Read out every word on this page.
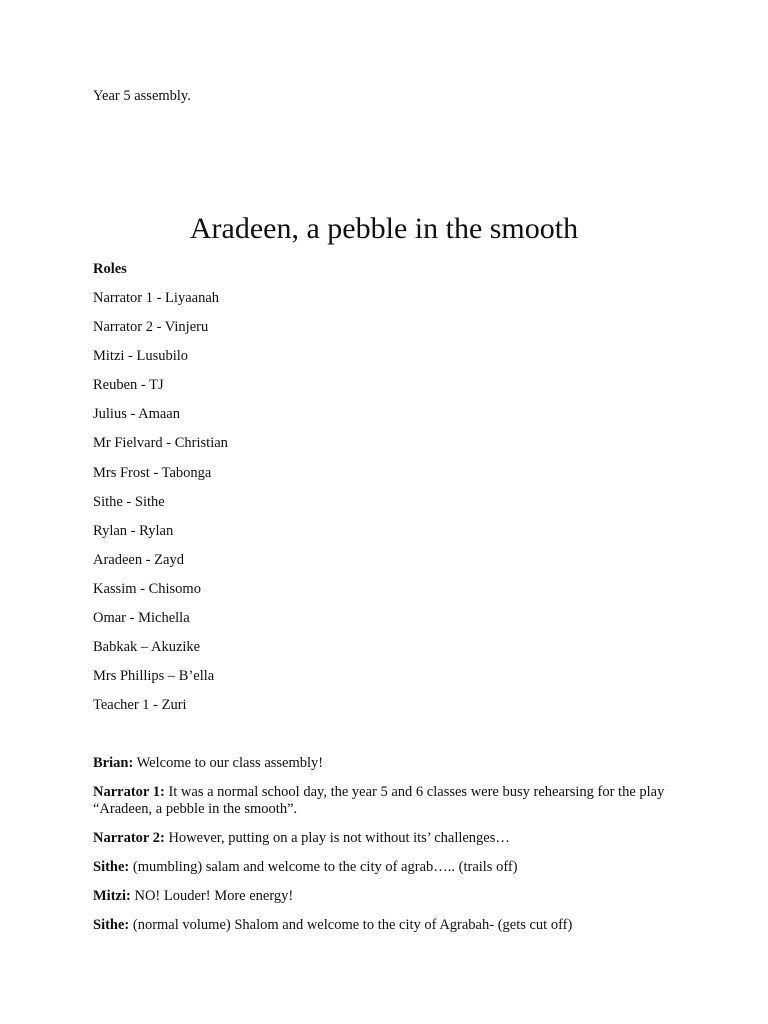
Year 5 assembly.
Aradeen, a pebble in the smooth
Roles
Narrator 1 - Liyaanah
Narrator 2 - Vinjeru
Mitzi - Lusubilo
Reuben - TJ
Julius - Amaan
Mr Fielvard - Christian
Mrs Frost - Tabonga
Sithe - Sithe
Rylan - Rylan
Aradeen - Zayd
Kassim - Chisomo
Omar - Michella
Babkak – Akuzike
Mrs Phillips – B’ella
Teacher 1 - Zuri

Brian: Welcome to our class assembly!

Narrator 1: It was a normal school day, the year 5 and 6 classes were busy rehearsing for the play “Aradeen, a pebble in the smooth”.

Narrator 2: However, putting on a play is not without its’ challenges…

Sithe: (mumbling) salam and welcome to the city of agrab….. (trails off)

Mitzi: NO! Louder! More energy!

Sithe: (normal volume) Shalom and welcome to the city of Agrabah- (gets cut off)
